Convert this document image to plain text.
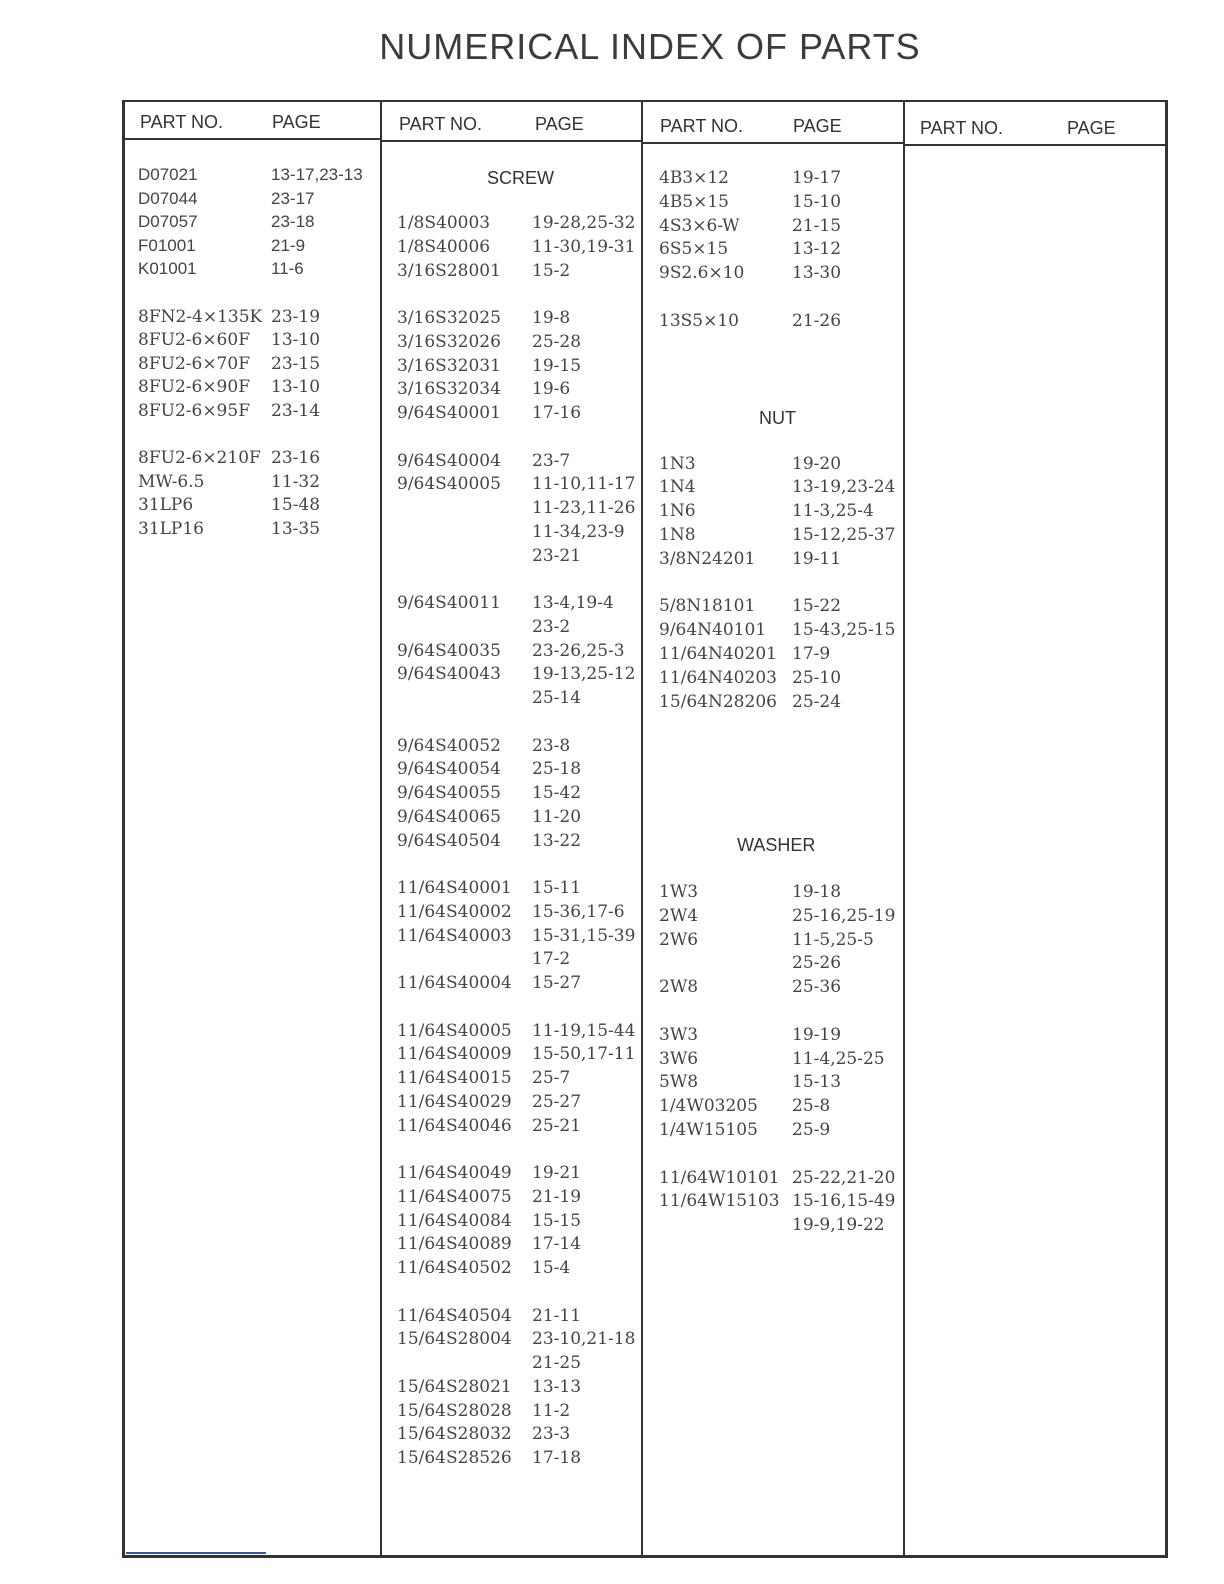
NUMERICAL INDEX OF PARTS
PART NO.	PAGE	PART NO.	PAGE	PART NO.	PAGE	PART NO.	PAGE
SCREW
NUT
WASHER
D07021	13-17,23-13
D07044	23-17
D07057	23-18
F01001	21-9
K01001	11-6
8FN2-4×135K 23-19
8FU2-6×60F 13-10
8FU2-6×70F 23-15
8FU2-6×90F 13-10
8FU2-6×95F 23-14
8FU2-6×210F 23-16
MW-6.5	11-32
31LP6	15-48
31LP16	13-35
1/8S40003 19-28,25-32
1/8S40006 11-30,19-31
3/16S28001 15-2
3/16S32025 19-8
3/16S32026 25-28
3/16S32031 19-15
3/16S32034 19-6
9/64S40001 17-16
9/64S40004 23-7
9/64S40005 11-10,11-17
11-23,11-26
11-34,23-9
23-21
9/64S40011 13-4,19-4
23-2
9/64S40035 23-26,25-3
9/64S40043 19-13,25-12
25-14
9/64S40052 23-8
9/64S40054 25-18
9/64S40055 15-42
9/64S40065 11-20
9/64S40504 13-22
11/64S40001 15-11
11/64S40002 15-36,17-6
11/64S40003 15-31,15-39
17-2
11/64S40004 15-27
11/64S40005 11-19,15-44
11/64S40009 15-50,17-11
11/64S40015 25-7
11/64S40029 25-27
11/64S40046 25-21
11/64S40049 19-21
11/64S40075 21-19
11/64S40084 15-15
11/64S40089 17-14
11/64S40502 15-4
11/64S40504 21-11
15/64S28004 23-10,21-18
21-25
15/64S28021 13-13
15/64S28028 11-2
15/64S28032 23-3
15/64S28526 17-18
4B3×12	19-17
4B5×15	15-10
4S3×6-W	21-15
6S5×15	13-12
9S2.6×10	13-30
13S5×10	21-26
1N3	19-20
1N4	13-19,23-24
1N6	11-3,25-4
1N8	15-12,25-37
3/8N24201 19-11
5/8N18101 15-22
9/64N40101 15-43,25-15
11/64N40201 17-9
11/64N40203 25-10
15/64N28206 25-24
1W3	19-18
2W4	25-16,25-19
2W6	11-5,25-5
25-26
2W8	25-36
3W3	19-19
3W6	11-4,25-25
5W8	15-13
1/4W03205 25-8
1/4W15105 25-9
11/64W10101 25-22,21-20
11/64W15103 15-16,15-49
19-9,19-22
